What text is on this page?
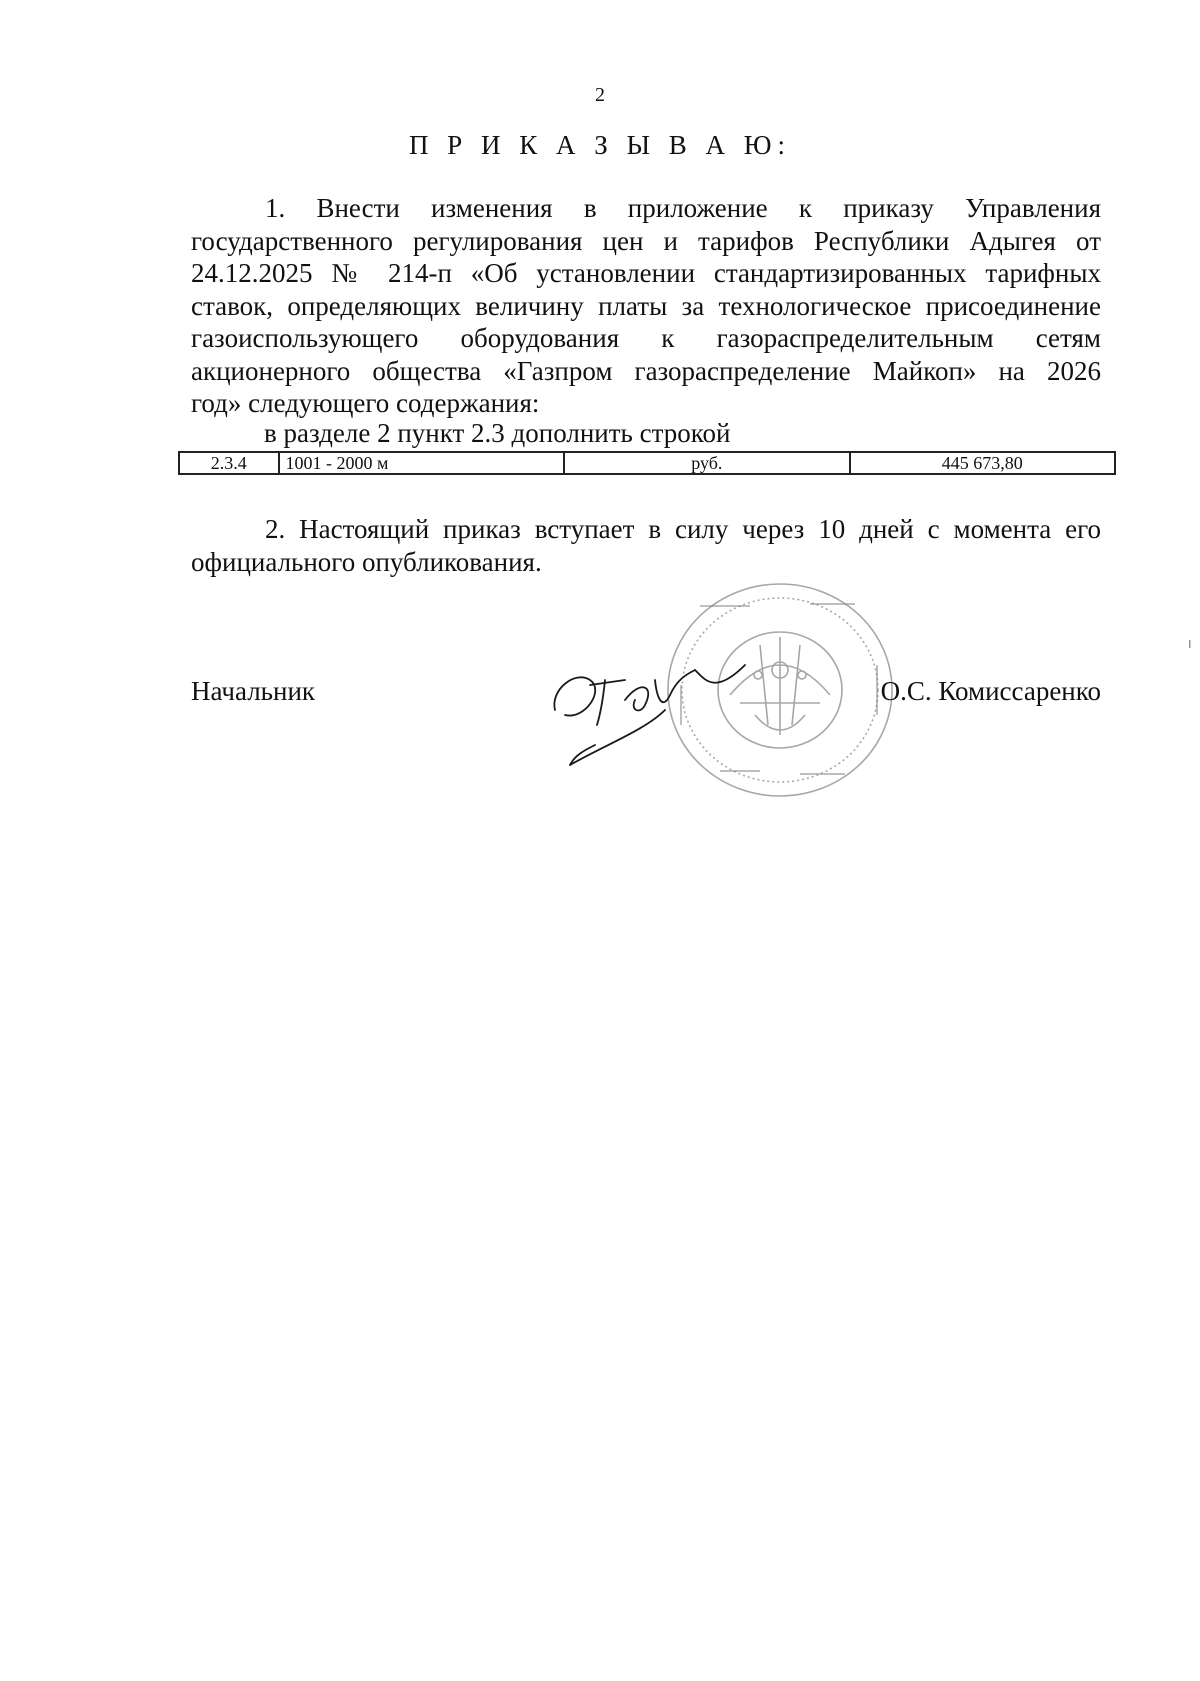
2
П Р И К А З Ы В А Ю:
1. Внести изменения в приложение к приказу Управления
государственного регулирования цен и тарифов Республики Адыгея от
24.12.2025 № 214-п «Об установлении стандартизированных тарифных
ставок, определяющих величину платы за технологическое присоединение
газоиспользующего оборудования к газораспределительным сетям
акционерного общества «Газпром газораспределение Майкоп» на 2026
год» следующего содержания:
в разделе 2 пункт 2.3 дополнить строкой
2.3.4	1001 - 2000 м	руб.	445 673,80
2. Настоящий приказ вступает в силу через 10 дней с момента его
официального опубликования.
Начальник	О.С. Комиссаренко
